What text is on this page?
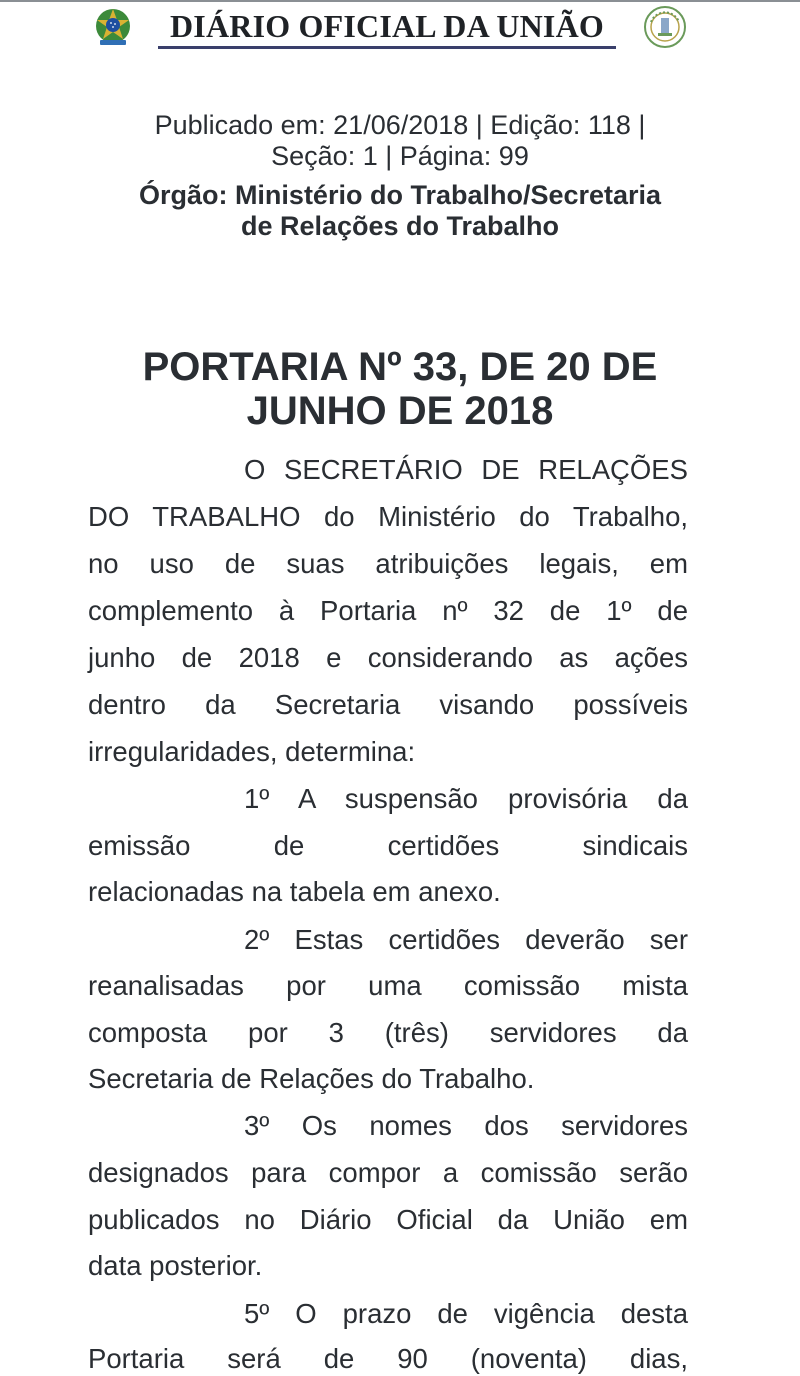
DIÁRIO OFICIAL DA UNIÃO
Publicado em: 21/06/2018 | Edição: 118 |
Seção: 1 | Página: 99
Órgão: Ministério do Trabalho/Secretaria
de Relações do Trabalho
PORTARIA Nº 33, DE 20 DE
JUNHO DE 2018
O SECRETÁRIO DE RELAÇÕES
DO TRABALHO do Ministério do Trabalho,
no uso de suas atribuições legais, em
complemento à Portaria nº 32 de 1º de
junho de 2018 e considerando as ações
dentro da Secretaria visando possíveis
irregularidades, determina:
1º A suspensão provisória da
emissão de certidões sindicais
relacionadas na tabela em anexo.
2º Estas certidões deverão ser
reanalisadas por uma comissão mista
composta por 3 (três) servidores da
Secretaria de Relações do Trabalho.
3º Os nomes dos servidores
designados para compor a comissão serão
publicados no Diário Oficial da União em
data posterior.
5º O prazo de vigência desta
Portaria será de 90 (noventa) dias,
